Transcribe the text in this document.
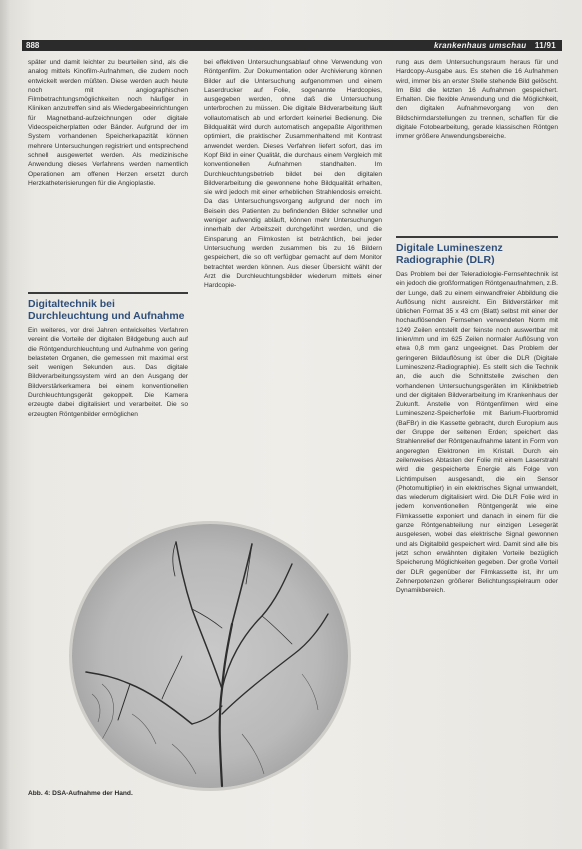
888	krankenhaus umschau 11/91

später und damit leichter zu beurteilen sind, als die analog mittels Kinofilm-Aufnahmen, die zudem noch entwickelt werden müßten. Diese werden auch heute noch mit angiographischen Filmbetrachtungsmöglichkeiten noch häufiger in Kliniken anzutreffen sind als Wiedergabeeinrichtungen für Magnetband-aufzeichnungen oder digitale Videospeicherplatten oder Bänder. Aufgrund der im System vorhandenen Speicherkapazität können mehrere Untersuchungen registriert und entsprechend schnell ausgewertet werden. Als medizinische Anwendung dieses Verfahrens werden namentlich Operationen am offenen Herzen ersetzt durch Herzkatheterisierungen für die Angioplastie.

Digitaltechnik bei Durchleuchtung und Aufnahme

Ein weiteres, vor drei Jahren entwickeltes Verfahren vereint die Vorteile der digitalen Bildgebung auch auf die Röntgendurchleuchtung und Aufnahme von gering belasteten Organen, die gemessen mit maximal erst seit wenigen Sekunden aus. Das digitale Bildverarbeitungssystem wird an den Ausgang der Bildverstärkerkamera bei einem konventionellen Durchleuchtungsgerät gekoppelt. Die Kamera erzeugte dabei digitalisiert und verarbeitet. Die so erzeugten Röntgenbilder ermöglichen

bei effektiven Untersuchungsablauf ohne Verwendung von Röntgenfilm. Zur Dokumentation oder Archivierung können Bilder auf die Untersuchung aufgenommen und einem Laserdrucker auf Folie, sogenannte Hardcopies, ausgegeben werden, ohne daß die Untersuchung unterbrochen zu müssen. Die digitale Bildverarbeitung läuft vollautomatisch ab und erfordert keinerlei Bedienung. Die Bildqualität wird durch automatisch angepaßte Algorithmen optimiert, die praktischer Zusammenhaltend mit Kontrast anwendet werden. Dieses Verfahren liefert sofort, das im Kopf Bild in einer Qualität, die durchaus einem Vergleich mit konventionellen Aufnahmen standhalten. Im Durchleuchtungsbetrieb bildet bei den digitalen Bildverarbeitung die gewonnene hohe Bildqualität erhalten, sie wird jedoch mit einer erheblichen Strahlendosis erreicht. Da das Untersuchungsvorgang aufgrund der noch im Beisein des Patienten zu befindenden Bilder schneller und weniger aufwendig abläuft, können mehr Untersuchungen innerhalb der Arbeitszeit durchgeführt werden, und die Einsparung an Filmkosten ist beträchtlich, bei jeder Untersuchung werden zusammen bis zu 16 Bildern gespeichert, die so oft verfügbar gemacht auf dem Monitor betrachtet werden können. Aus dieser Übersicht wählt der Arzt die Durchleuchtungsbilder wiederum mittels einer Hardcopie-

rung aus dem Untersuchungsraum heraus für und Hardcopy-Ausgabe aus. Es stehen die 16 Aufnahmen wird, immer bis an erster Stelle stehende Bild gelöscht. Im Bild die letzten 16 Aufnahmen gespeichert. Erhalten. Die flexible Anwendung und die Möglichkeit, den digitalen Aufnahmevorgang von den Bildschirmdarstellungen zu trennen, schaffen für die digitale Fotobearbeitung, gerade klassischen Röntgen immer größere Anwendungsbereiche.

Digitale Lumineszenz Radiographie (DLR)

Das Problem bei der Teleradiologie-Fernsehtechnik ist ein jedoch die großformatigen Röntgenaufnahmen, z.B. der Lunge, daß zu einem einwandfreier Abbildung die Auflösung nicht ausreicht. Ein Bildverstärker mit üblichen Format 35 x 43 cm (Blatt) selbst mit einer der hochauflösenden Fernsehen verwendeten Norm mit 1249 Zeilen entstellt der feinste noch auswertbar mit linien/mm und im 625 Zeilen normaler Auflösung von etwa 0,8 mm ganz ungeeignet. Das Problem der geringeren Bildauflösung ist über die DLR (Digitale Lumineszenz-Radiographie). Es stellt sich die Technik an, die auch die Schnittstelle zwischen den vorhandenen Untersuchungsgeräten im Klinikbetrieb und der digitalen Bildverarbeitung im Krankenhaus der Zukunft. Anstelle von Röntgenfilmen wird eine Lumineszenz-Speicherfolie mit Barium-Fluorbromid (BaFBr) in die Kassette gebracht, durch Europium aus der Gruppe der seltenen Erden; speichert das Strahlenrelief der Röntgenaufnahme latent in Form von angeregten Elektronen im Kristall. Durch ein zeilenweises Abtasten der Folie mit einem Laserstrahl wird die gespeicherte Energie als Folge von Lichtimpulsen ausgesandt, die ein Sensor (Photomultiplier) in ein elektrisches Signal umwandelt, das wiederum digitalisiert wird. Die DLR Folie wird in jedem konventionellen Röntgengerät wie eine Filmkassette exponiert und danach in einem für die ganze Röntgenabteilung nur einzigen Lesegerät ausgelesen, wobei das elektrische Signal gewonnen und als Digitalbild gespeichert wird. Damit sind alle bis jetzt schon erwähnten digitalen Vorteile bezüglich Speicherung Möglichkeiten gegeben. Der große Vorteil der DLR gegenüber der Filmkassette ist, ihr um Zehnerpotenzen größerer Belichtungsspielraum oder Dynamikbereich.

Abb. 4: DSA-Aufnahme der Hand.
